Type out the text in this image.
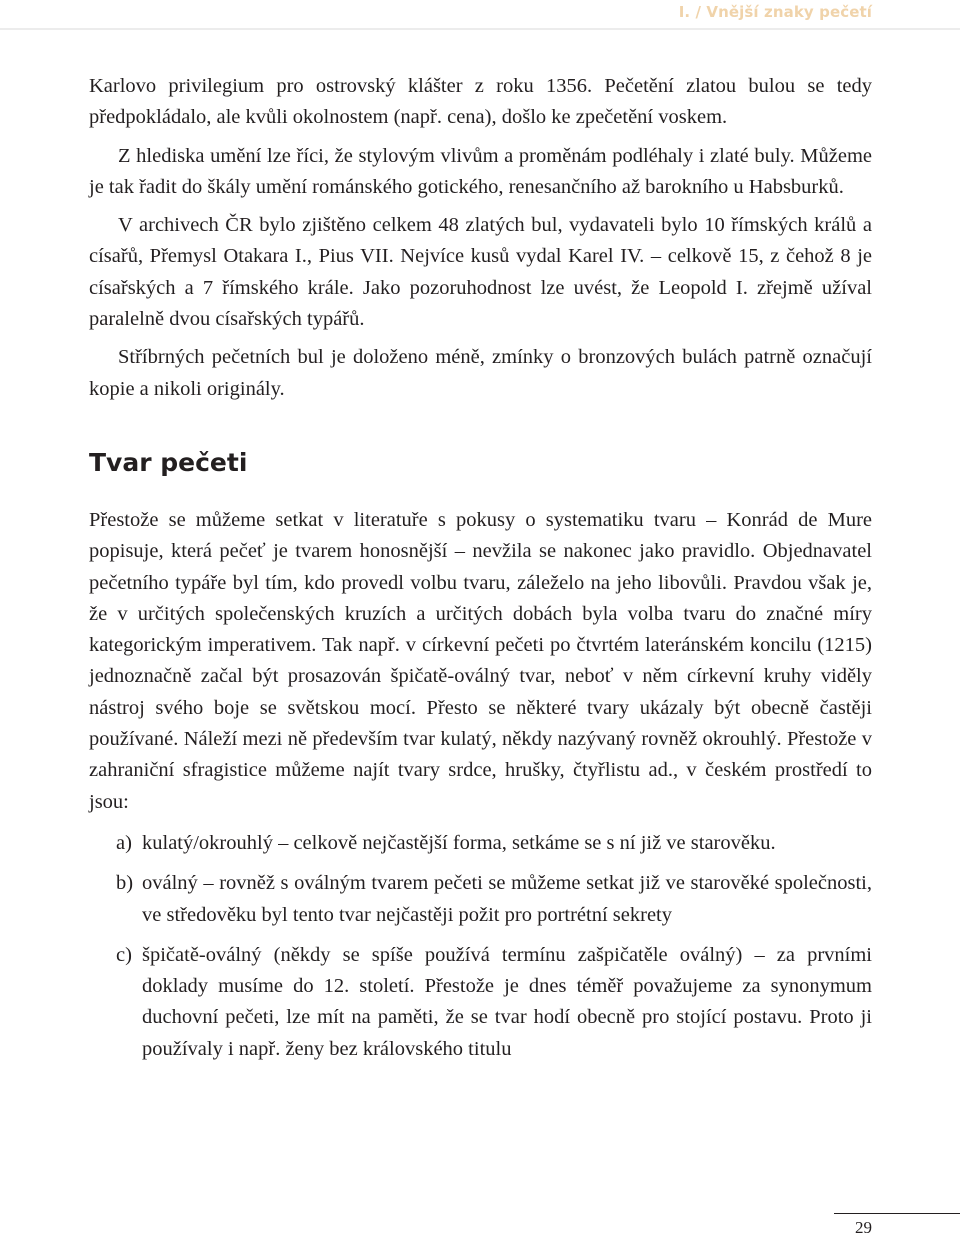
I. / Vnější znaky pečetí

Karlovo privilegium pro ostrovský klášter z roku 1356. Pečetění zlatou bulou se tedy předpokládalo, ale kvůli okolnostem (např. cena), došlo ke zpečetění voskem.

Z hlediska umění lze říci, že stylovým vlivům a proměnám podléhaly i zlaté buly. Můžeme je tak řadit do škály umění románského gotického, renesančního až barokního u Habsburků.

V archivech ČR bylo zjištěno celkem 48 zlatých bul, vydavateli bylo 10 římských králů a císařů, Přemysl Otakara I., Pius VII. Nejvíce kusů vydal Karel IV. – celkově 15, z čehož 8 je císařských a 7 římského krále. Jako pozoruhodnost lze uvést, že Leopold I. zřejmě užíval paralelně dvou císařských typářů.

Stříbrných pečetních bul je doloženo méně, zmínky o bronzových bulách patrně označují kopie a nikoli originály.

Tvar pečeti

Přestože se můžeme setkat v literatuře s pokusy o systematiku tvaru – Konrád de Mure popisuje, která pečeť je tvarem honosnější – nevžila se nakonec jako pravidlo. Objednavatel pečetního typáře byl tím, kdo provedl volbu tvaru, záleželo na jeho libovůli. Pravdou však je, že v určitých společenských kruzích a určitých dobách byla volba tvaru do značné míry kategorickým imperativem. Tak např. v církevní pečeti po čtvrtém lateránském koncilu (1215) jednoznačně začal být prosazován špičatě-oválný tvar, neboť v něm církevní kruhy viděly nástroj svého boje se světskou mocí. Přesto se některé tvary ukázaly být obecně častěji používané. Náleží mezi ně především tvar kulatý, někdy nazývaný rovněž okrouhlý. Přestože v zahraniční sfragistice můžeme najít tvary srdce, hrušky, čtyřlistu ad., v českém prostředí to jsou:

a) kulatý/okrouhlý – celkově nejčastější forma, setkáme se s ní již ve starověku.
b) oválný – rovněž s oválným tvarem pečeti se můžeme setkat již ve starověké společnosti, ve středověku byl tento tvar nejčastěji požit pro portrétní sekrety
c) špičatě-oválný (někdy se spíše používá termínu zašpičatěle oválný) – za prvními doklady musíme do 12. století. Přestože je dnes téměř považujeme za synonymum duchovní pečeti, lze mít na paměti, že se tvar hodí obecně pro stojící postavu. Proto ji používaly i např. ženy bez královského titulu
29
